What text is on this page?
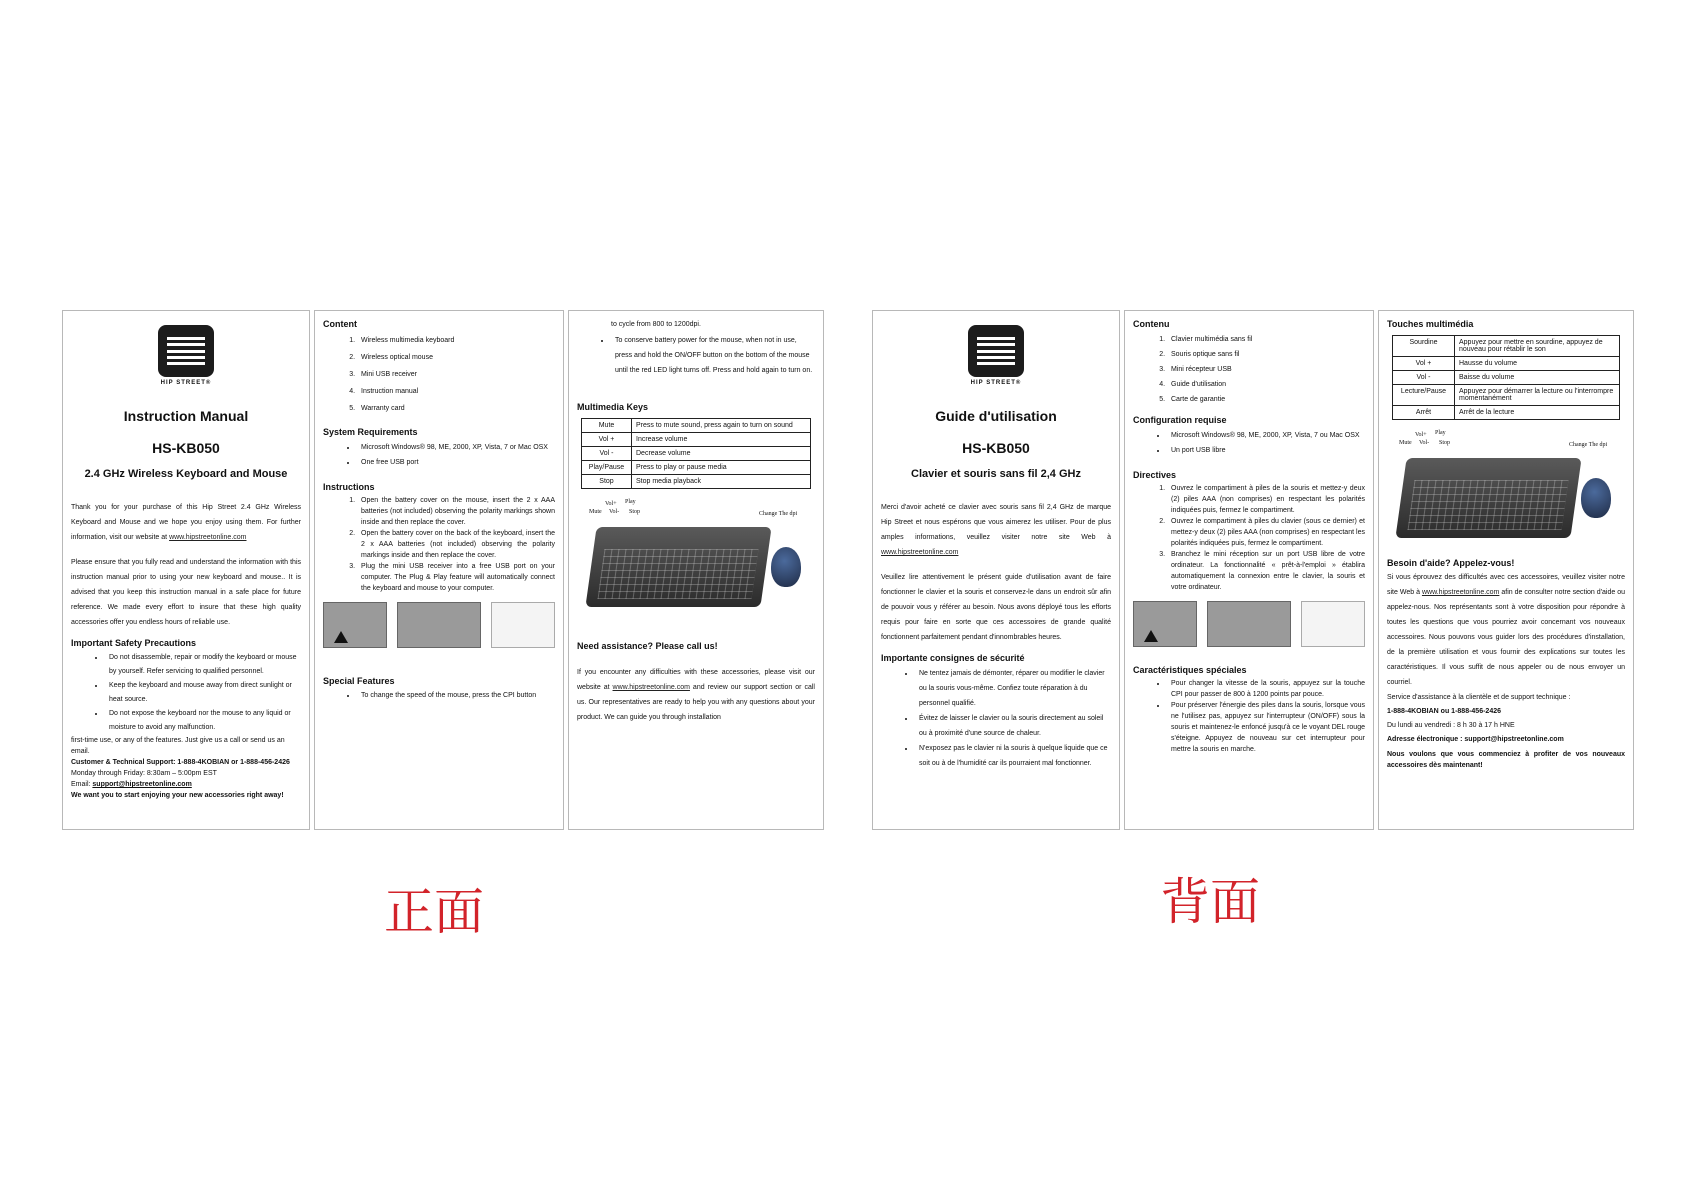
HIP STREET®
Instruction Manual
HS-KB050
2.4 GHz Wireless Keyboard and Mouse
Thank you for your purchase of this Hip Street 2.4 GHz Wireless Keyboard and Mouse and we hope you enjoy using them. For further information, visit our website at www.hipstreetonline.com
Please ensure that you fully read and understand the information with this instruction manual prior to using your new keyboard and mouse.. It is advised that you keep this instruction manual in a safe place for future reference. We made every effort to insure that these high quality accessories offer you endless hours of reliable use.
Important Safety Precautions
• Do not disassemble, repair or modify the keyboard or mouse by yourself. Refer servicing to qualified personnel.
• Keep the keyboard and mouse away from direct sunlight or heat source.
• Do not expose the keyboard nor the mouse to any liquid or moisture to avoid any malfunction.
first-time use, or any of the features. Just give us a call or send us an email.
Customer & Technical Support: 1-888-4KOBIAN or 1-888-456-2426
Monday through Friday: 8:30am – 5:00pm EST
Email: support@hipstreetonline.com
We want you to start enjoying your new accessories right away!
Content
1. Wireless multimedia keyboard
2. Wireless optical mouse
3. Mini USB receiver
4. Instruction manual
5. Warranty card
System Requirements
• Microsoft Windows® 98, ME, 2000, XP, Vista, 7 or Mac OSX
• One free USB port
Instructions
1. Open the battery cover on the mouse, insert the 2 x AAA batteries (not included) observing the polarity markings shown inside and then replace the cover.
2. Open the battery cover on the back of the keyboard, insert the 2 x AAA batteries (not included) observing the polarity markings inside and then replace the cover.
3. Plug the mini USB receiver into a free USB port on your computer. The Plug & Play feature will automatically connect the keyboard and mouse to your computer.
Special Features
• To change the speed of the mouse, press the CPI button
to cycle from 800 to 1200dpi.
• To conserve battery power for the mouse, when not in use, press and hold the ON/OFF button on the bottom of the mouse until the red LED light turns off. Press and hold again to turn on.
Multimedia Keys
Mute	Press to mute sound, press again to turn on sound
Vol +	Increase volume
Vol -	Decrease volume
Play/Pause	Press to play or pause media
Stop	Stop media playback
Vol+ Play
Mute Vol- Stop	Change The dpi
Need assistance? Please call us!
If you encounter any difficulties with these accessories, please visit our website at www.hipstreetonline.com and review our support section or call us. Our representatives are ready to help you with any questions about your product. We can guide you through installation
正面
HIP STREET®
Guide d'utilisation
HS-KB050
Clavier et souris sans fil 2,4 GHz
Merci d'avoir acheté ce clavier avec souris sans fil 2,4 GHz de marque Hip Street et nous espérons que vous aimerez les utiliser. Pour de plus amples informations, veuillez visiter notre site Web à www.hipstreetonline.com
Veuillez lire attentivement le présent guide d'utilisation avant de faire fonctionner le clavier et la souris et conservez-le dans un endroit sûr afin de pouvoir vous y référer au besoin. Nous avons déployé tous les efforts requis pour faire en sorte que ces accessoires de grande qualité fonctionnent parfaitement pendant d'innombrables heures.
Importante consignes de sécurité
• Ne tentez jamais de démonter, réparer ou modifier le clavier ou la souris vous-même. Confiez toute réparation à du personnel qualifié.
• Évitez de laisser le clavier ou la souris directement au soleil ou à proximité d'une source de chaleur.
• N'exposez pas le clavier ni la souris à quelque liquide que ce soit ou à de l'humidité car ils pourraient mal fonctionner.
Contenu
1. Clavier multimédia sans fil
2. Souris optique sans fil
3. Mini récepteur USB
4. Guide d'utilisation
5. Carte de garantie
Configuration requise
• Microsoft Windows® 98, ME, 2000, XP, Vista, 7 ou Mac OSX
• Un port USB libre
Directives
1. Ouvrez le compartiment à piles de la souris et mettez-y deux (2) piles AAA (non comprises) en respectant les polarités indiquées puis, fermez le compartiment.
2. Ouvrez le compartiment à piles du clavier (sous ce dernier) et mettez-y deux (2) piles AAA (non comprises) en respectant les polarités indiquées puis, fermez le compartiment.
3. Branchez le mini réception sur un port USB libre de votre ordinateur. La fonctionnalité « prêt-à-l'emploi » établira automatiquement la connexion entre le clavier, la souris et votre ordinateur.
Caractéristiques spéciales
• Pour changer la vitesse de la souris, appuyez sur la touche CPI pour passer de 800 à 1200 points par pouce.
• Pour préserver l'énergie des piles dans la souris, lorsque vous ne l'utilisez pas, appuyez sur l'interrupteur (ON/OFF) sous la souris et maintenez-le enfoncé jusqu'à ce le voyant DEL rouge s'éteigne. Appuyez de nouveau sur cet interrupteur pour mettre la souris en marche.
Touches multimédia
Sourdine	Appuyez pour mettre en sourdine, appuyez de nouveau pour rétablir le son
Vol +	Hausse du volume
Vol -	Baisse du volume
Lecture/Pause	Appuyez pour démarrer la lecture ou l'interrompre momentanément
Arrêt	Arrêt de la lecture
Vol+ Play
Mute Vol- Stop	Change The dpi
Besoin d'aide? Appelez-vous!
Si vous éprouvez des difficultés avec ces accessoires, veuillez visiter notre site Web à www.hipstreetonline.com afin de consulter notre section d'aide ou appelez-nous. Nos représentants sont à votre disposition pour répondre à toutes les questions que vous pourriez avoir concernant vos nouveaux accessoires. Nous pouvons vous guider lors des procédures d'installation, de la première utilisation et vous fournir des explications sur toutes les caractéristiques. Il vous suffit de nous appeler ou de nous envoyer un courriel.
Service d'assistance à la clientèle et de support technique :
1-888-4KOBIAN ou 1-888-456-2426
Du lundi au vendredi : 8 h 30 à 17 h HNE
Adresse électronique : support@hipstreetonline.com
Nous voulons que vous commenciez à profiter de vos nouveaux accessoires dès maintenant!
背面
